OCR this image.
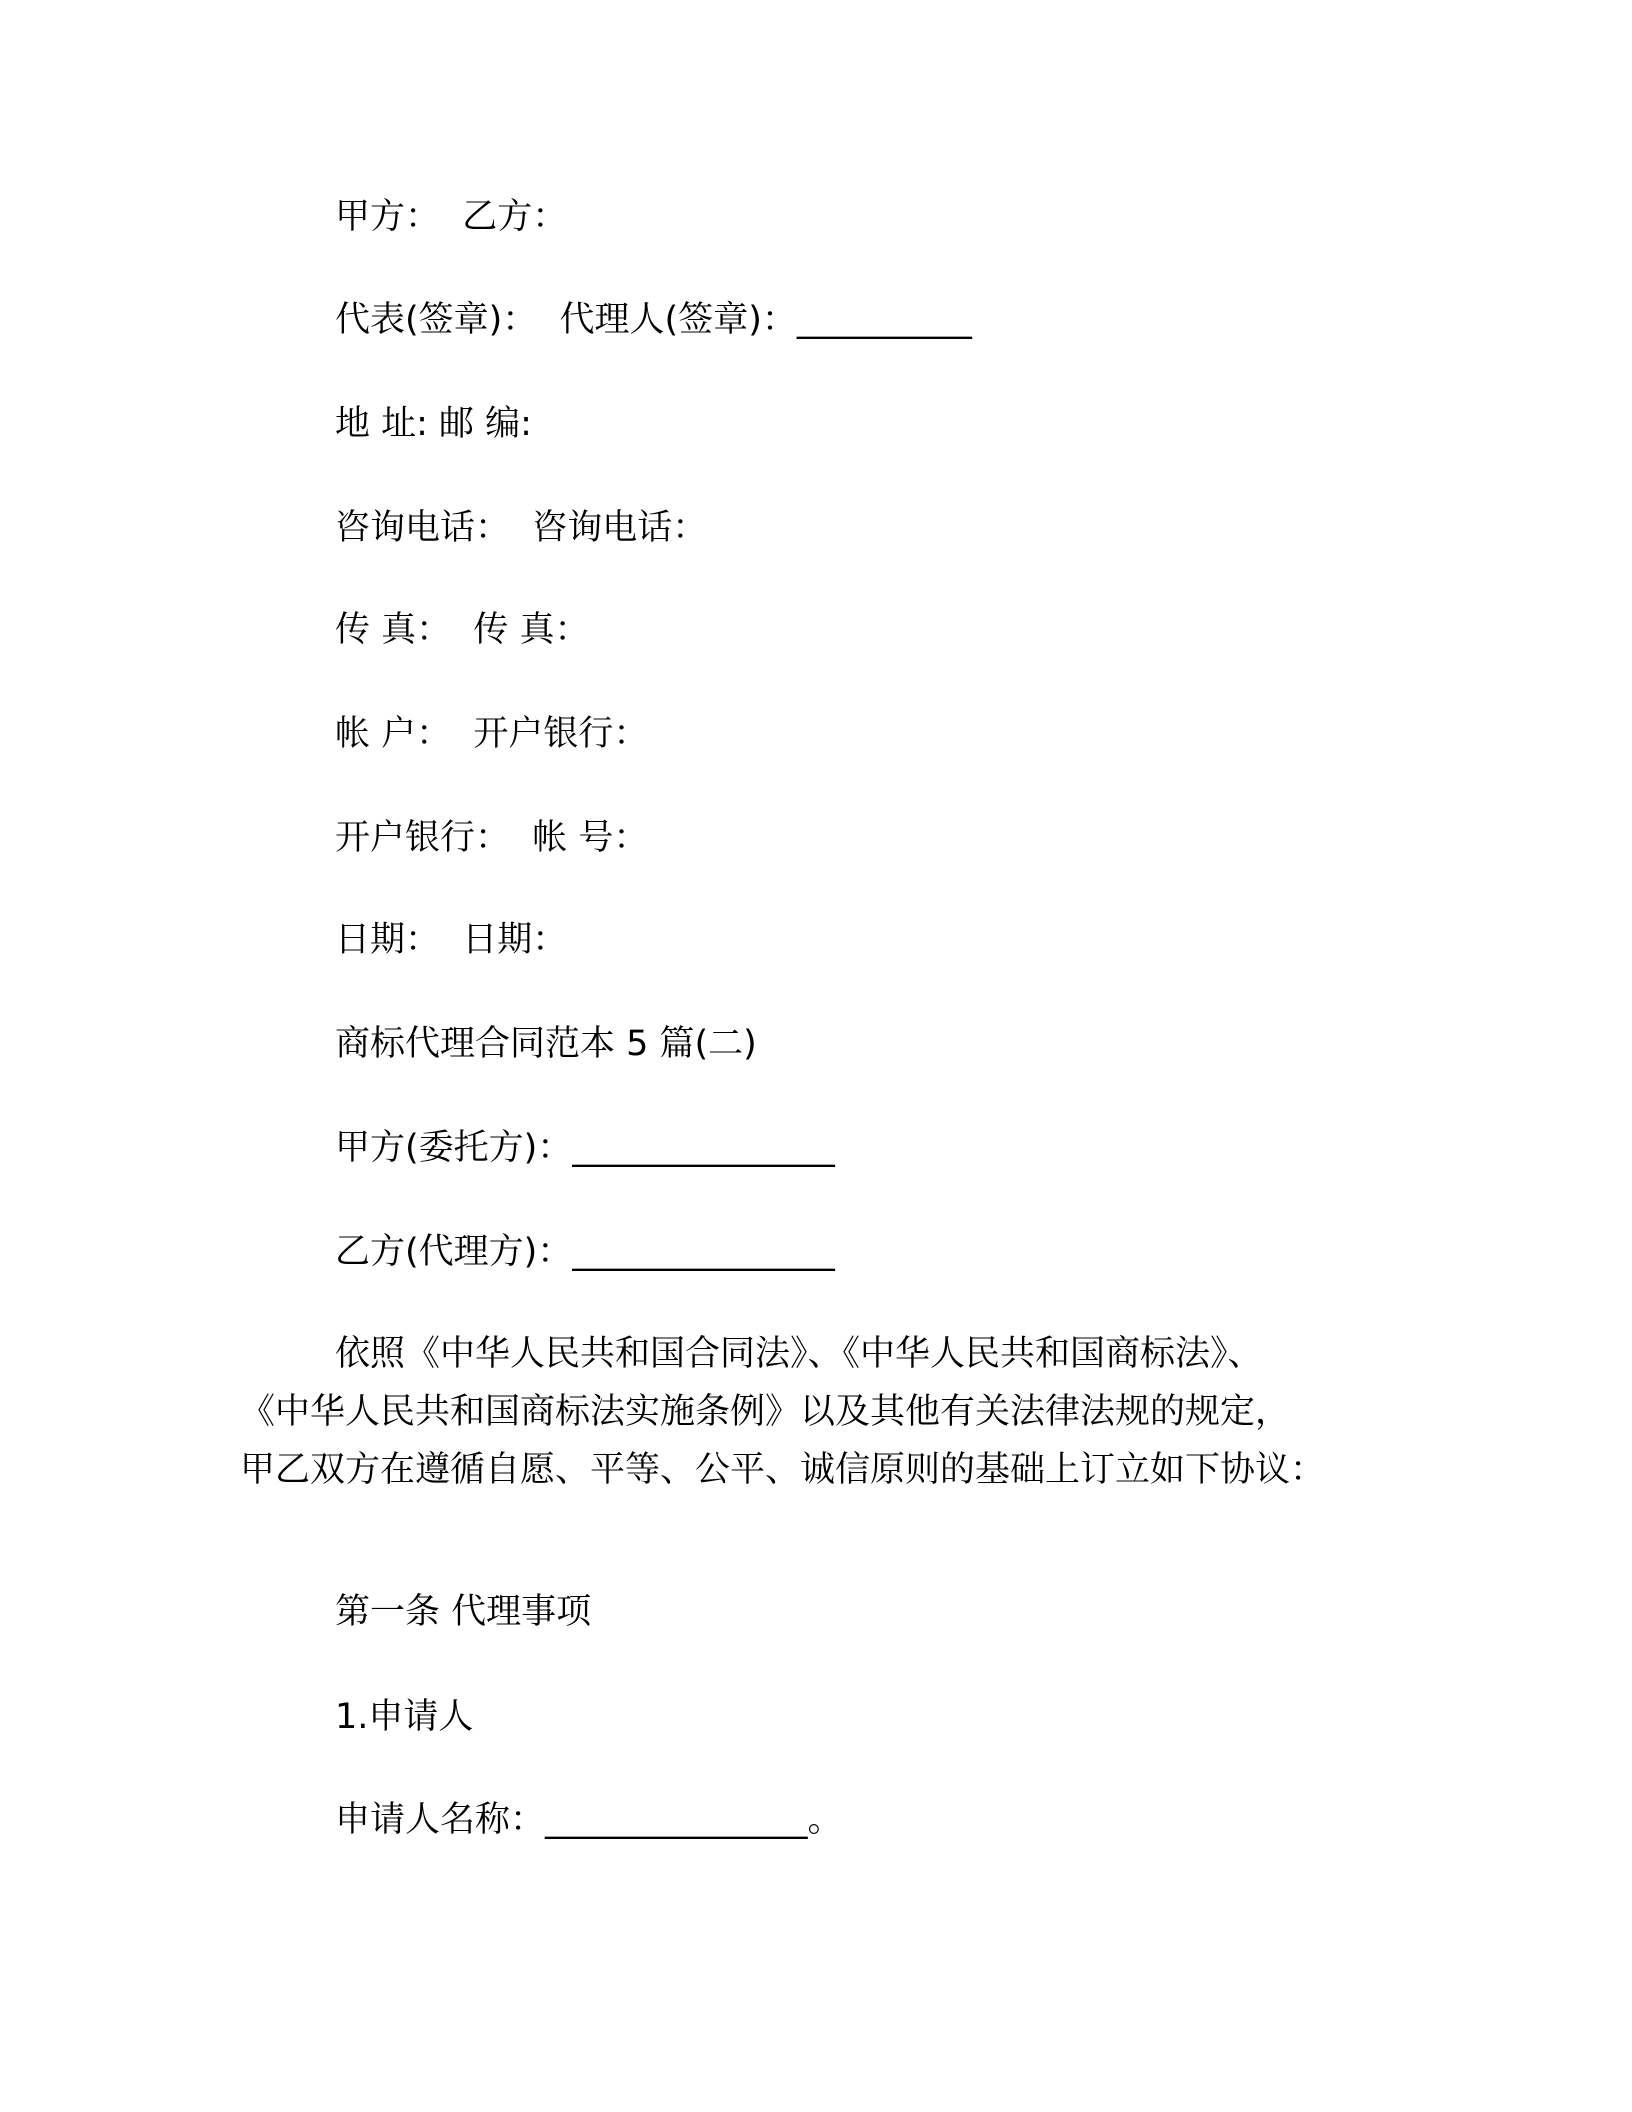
甲方：  乙方：
代表(签章)：  代理人(签章)：__________
地 址: 邮 编:
咨询电话：  咨询电话：
传 真：  传 真：
帐 户：  开户银行：
开户银行：  帐 号：
日期：  日期：
商标代理合同范本 5 篇(二)
甲方(委托方)：_______________
乙方(代理方)：_______________
依照《中华人民共和国合同法》、《中华人民共和国商标法》、
《中华人民共和国商标法实施条例》以及其他有关法律法规的规定，
甲乙双方在遵循自愿、平等、公平、诚信原则的基础上订立如下协议：
第一条 代理事项
1.申请人
申请人名称：_______________。
